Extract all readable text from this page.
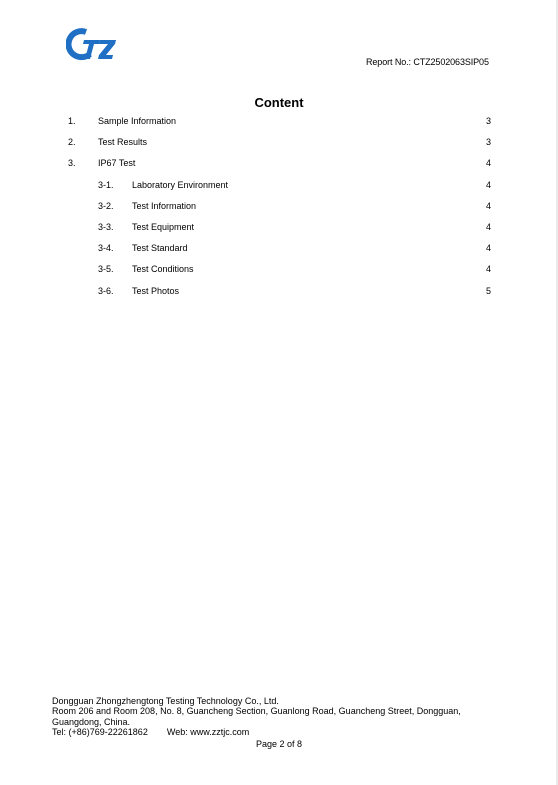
Report No.: CTZ2502063SIP05
Content
1. Sample Information	3
2. Test Results	3
3. IP67 Test	4
3-1. Laboratory Environment	4
3-2. Test Information	4
3-3. Test Equipment	4
3-4. Test Standard	4
3-5. Test Conditions	4
3-6. Test Photos	5
Dongguan Zhongzhengtong Testing Technology Co., Ltd.
Room 206 and Room 208, No. 8, Guancheng Section, Guanlong Road, Guancheng Street, Dongguan,
Guangdong, China.
Tel: (+86)769-22261862 Web: www.zztjc.com
Page 2 of 8
